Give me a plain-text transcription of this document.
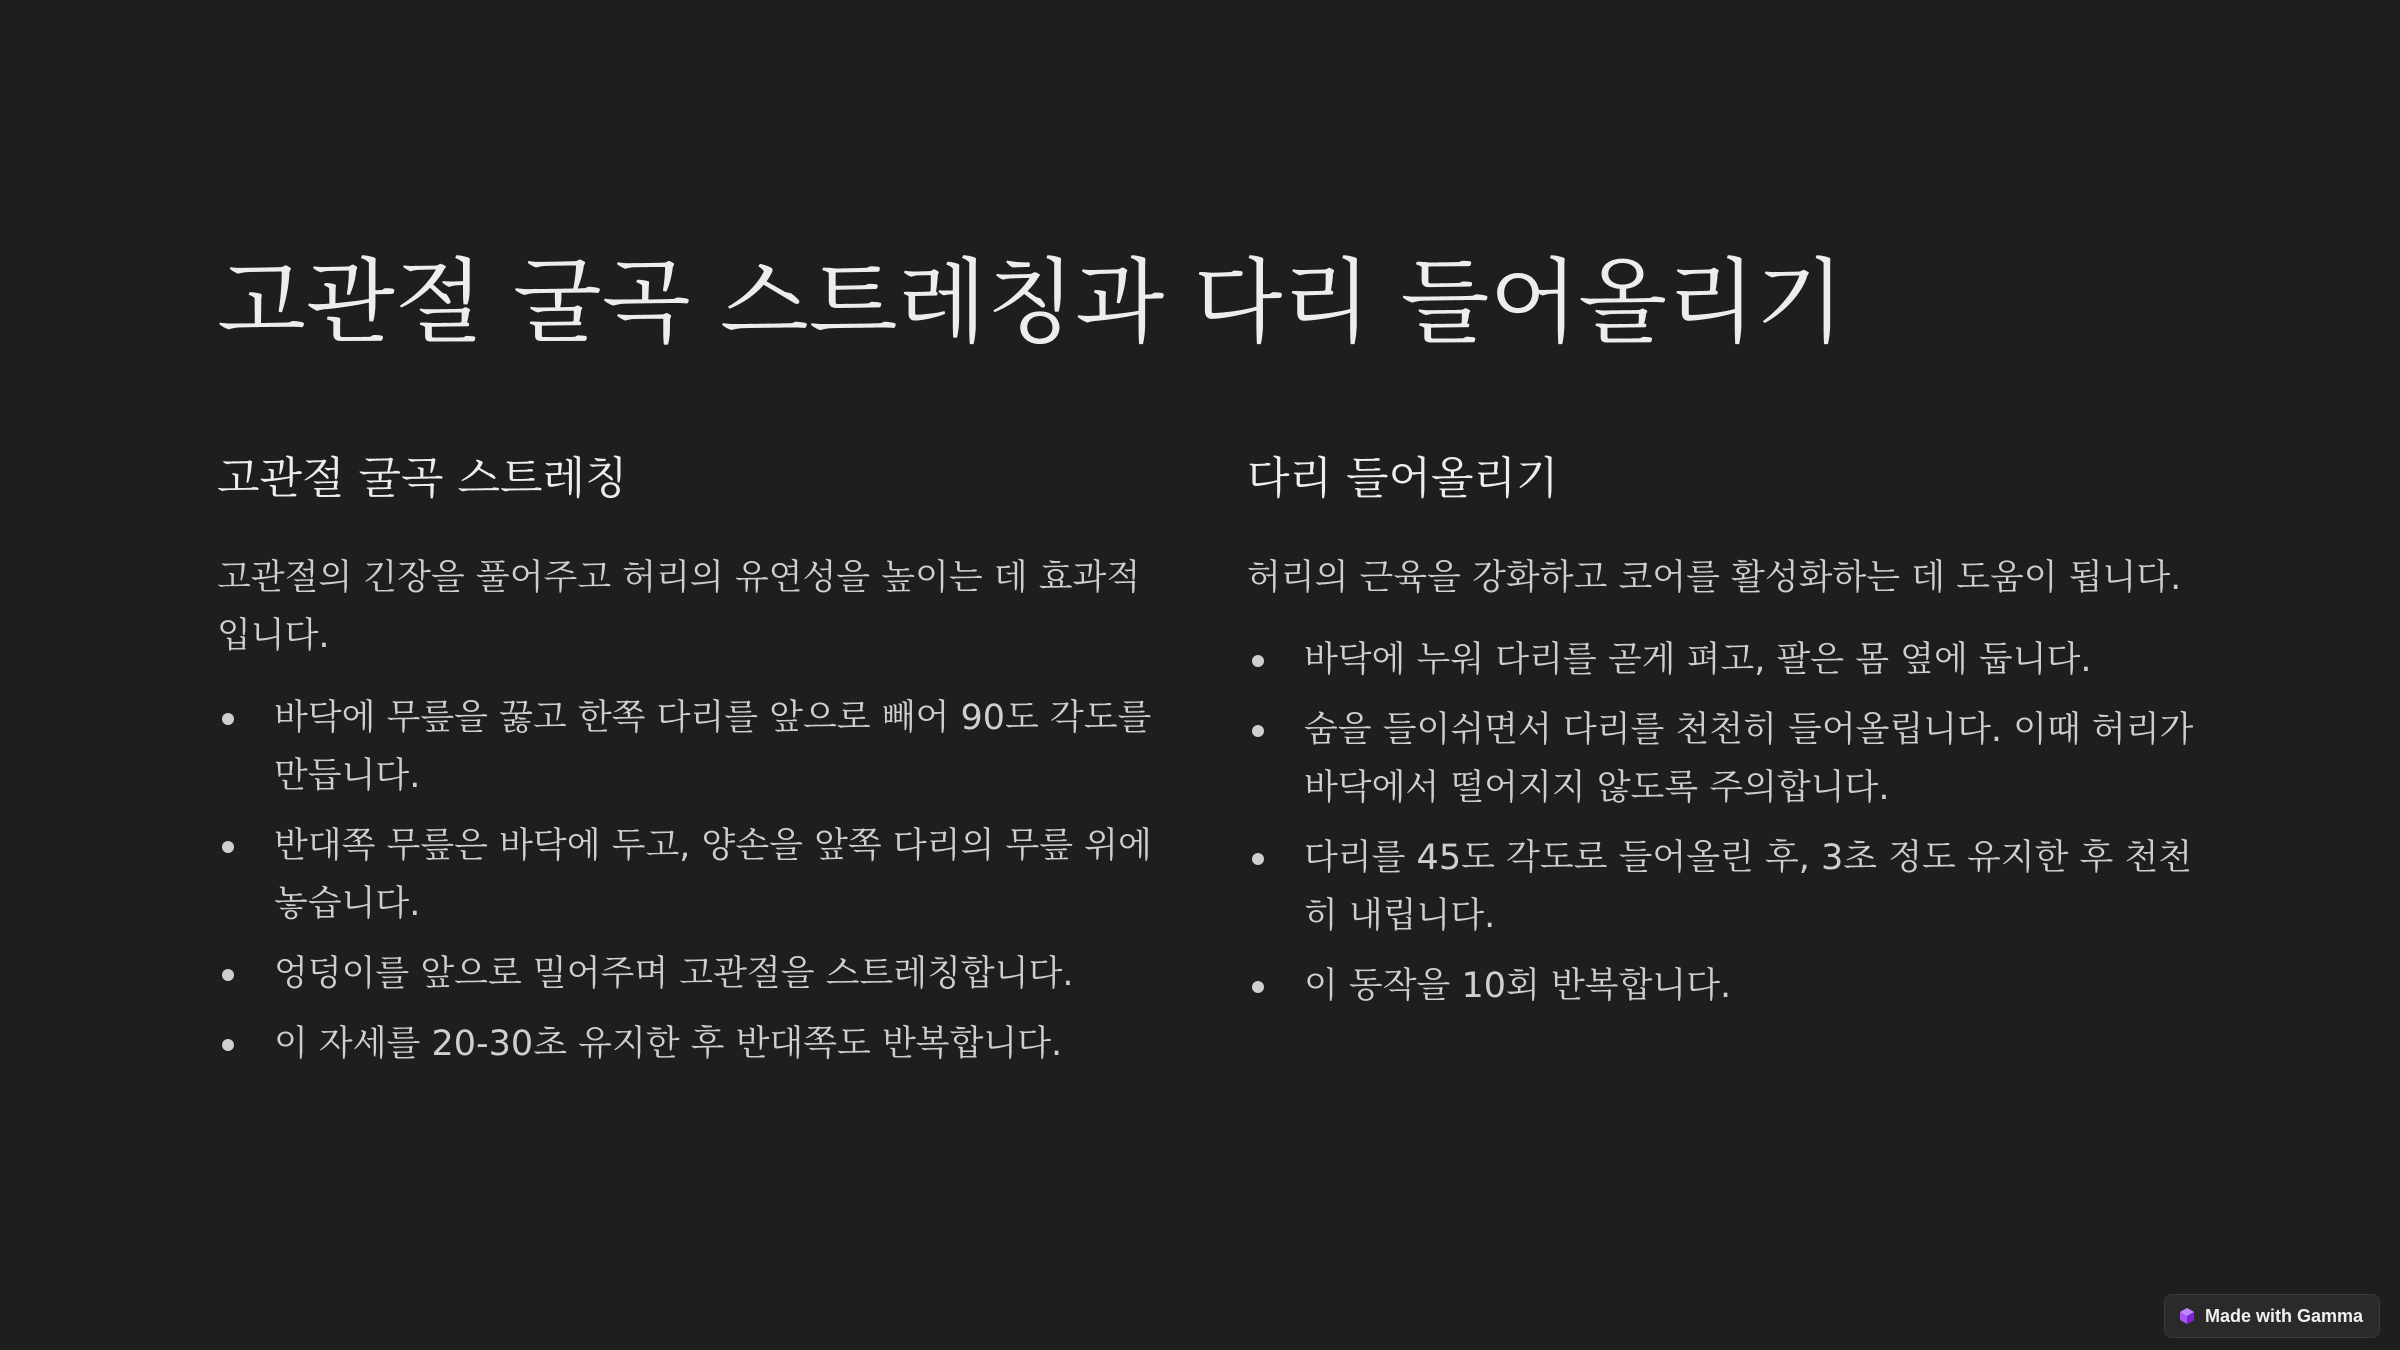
고관절 굴곡 스트레칭과 다리 들어올리기
고관절 굴곡 스트레칭

고관절의 긴장을 풀어주고 허리의 유연성을 높이는 데 효과적입니다.

바닥에 무릎을 꿇고 한쪽 다리를 앞으로 빼어 90도 각도를 만듭니다.
반대쪽 무릎은 바닥에 두고, 양손을 앞쪽 다리의 무릎 위에 놓습니다.
엉덩이를 앞으로 밀어주며 고관절을 스트레칭합니다.
이 자세를 20-30초 유지한 후 반대쪽도 반복합니다.
다리 들어올리기

허리의 근육을 강화하고 코어를 활성화하는 데 도움이 됩니다.

바닥에 누워 다리를 곧게 펴고, 팔은 몸 옆에 둡니다.
숨을 들이쉬면서 다리를 천천히 들어올립니다. 이때 허리가 바닥에서 떨어지지 않도록 주의합니다.
다리를 45도 각도로 들어올린 후, 3초 정도 유지한 후 천천히 내립니다.
이 동작을 10회 반복합니다.
Made with Gamma
